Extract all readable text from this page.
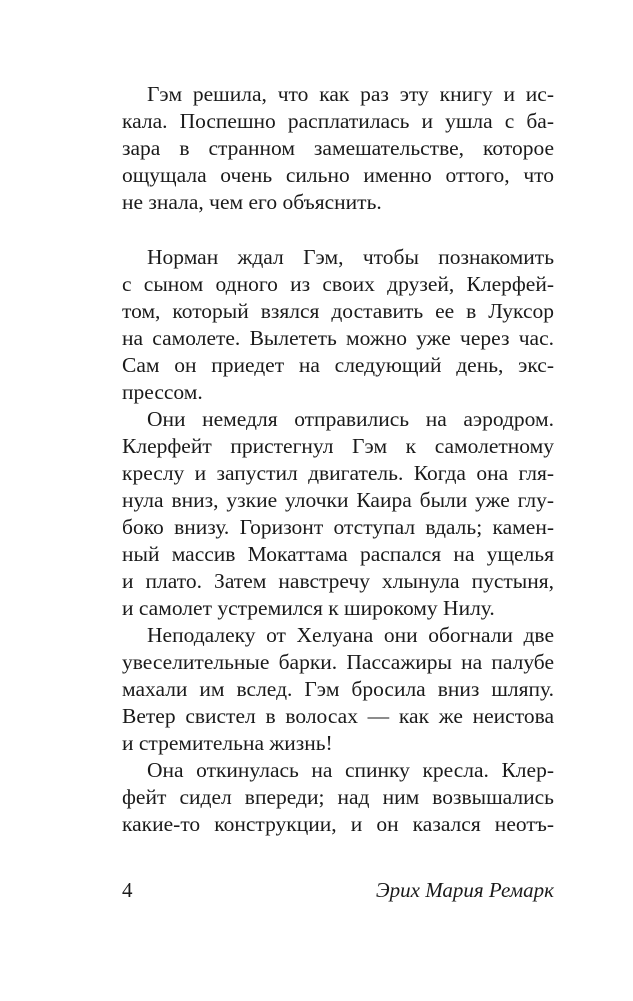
Гэм решила, что как раз эту книгу и ис-
кала. Поспешно расплатилась и ушла с ба-
зара в странном замешательстве, которое
ощущала очень сильно именно оттого, что
не знала, чем его объяснить.
Норман ждал Гэм, чтобы познакомить
с сыном одного из своих друзей, Клерфей-
том, который взялся доставить ее в Луксор
на самолете. Вылететь можно уже через час.
Сам он приедет на следующий день, экс-
прессом.
Они немедля отправились на аэродром.
Клерфейт пристегнул Гэм к самолетному
креслу и запустил двигатель. Когда она гля-
нула вниз, узкие улочки Каира были уже глу-
боко внизу. Горизонт отступал вдаль; камен-
ный массив Мокаттама распался на ущелья
и плато. Затем навстречу хлынула пустыня,
и самолет устремился к широкому Нилу.
Неподалеку от Хелуана они обогнали две
увеселительные барки. Пассажиры на палубе
махали им вслед. Гэм бросила вниз шляпу.
Ветер свистел в волосах — как же неистова
и стремительна жизнь!
Она откинулась на спинку кресла. Клер-
фейт сидел впереди; над ним возвышались
какие-то конструкции, и он казался неотъ-
4	Эрих Мария Ремарк
